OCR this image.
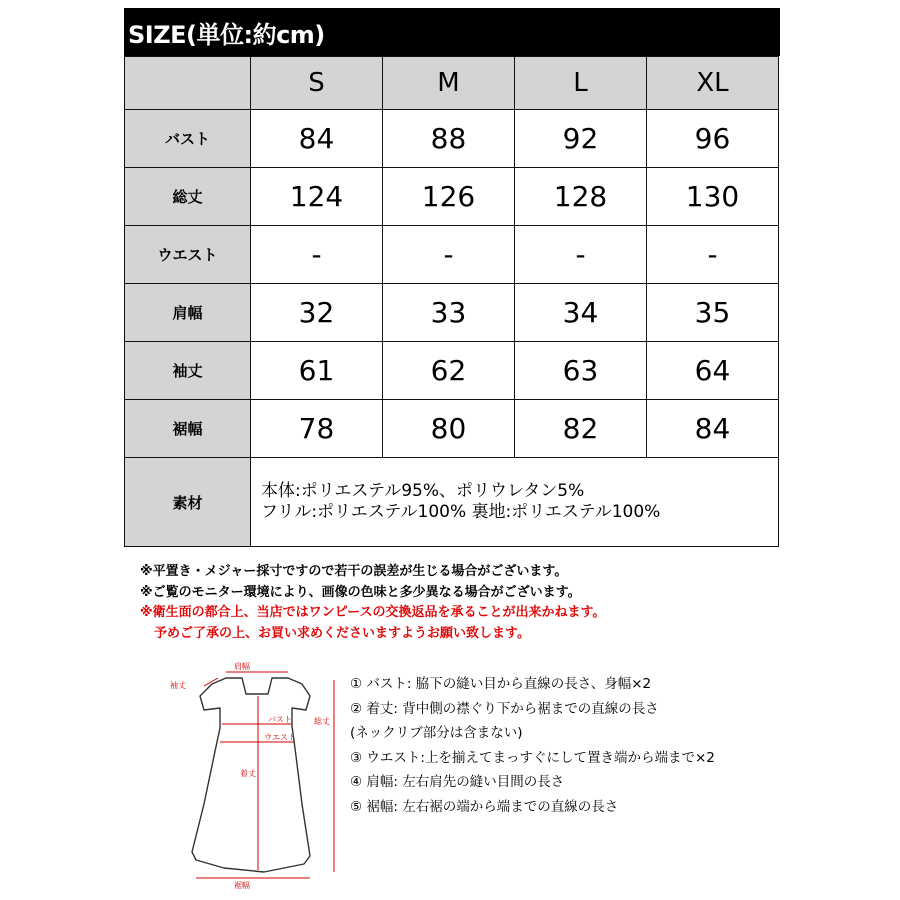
SIZE(単位:約cm)
	S	M	L	XL
バスト	84	88	92	96
総丈	124	126	128	130
ウエスト	-	-	-	-
肩幅	32	33	34	35
袖丈	61	62	63	64
裾幅	78	80	82	84
素材	本体:ポリエステル95%、ポリウレタン5%
フリル:ポリエステル100% 裏地:ポリエステル100%			
※平置き・メジャー採寸ですので若干の誤差が生じる場合がございます。
※ご覧のモニター環境により、画像の色味と多少異なる場合がございます。
※衛生面の都合上、当店ではワンピースの交換返品を承ることが出来かねます。
予めご了承の上、お買い求めくださいますようお願い致します。
肩幅
袖丈
バスト	総丈
ウエスト
着丈
裾幅
① バスト: 脇下の縫い目から直線の長さ、身幅×2
② 着丈: 背中側の襟ぐり下から裾までの直線の長さ
(ネックリブ部分は含まない)
③ ウエスト:上を揃えてまっすぐにして置き端から端まで×2
④ 肩幅: 左右肩先の縫い目間の長さ
⑤ 裾幅: 左右裾の端から端までの直線の長さ
